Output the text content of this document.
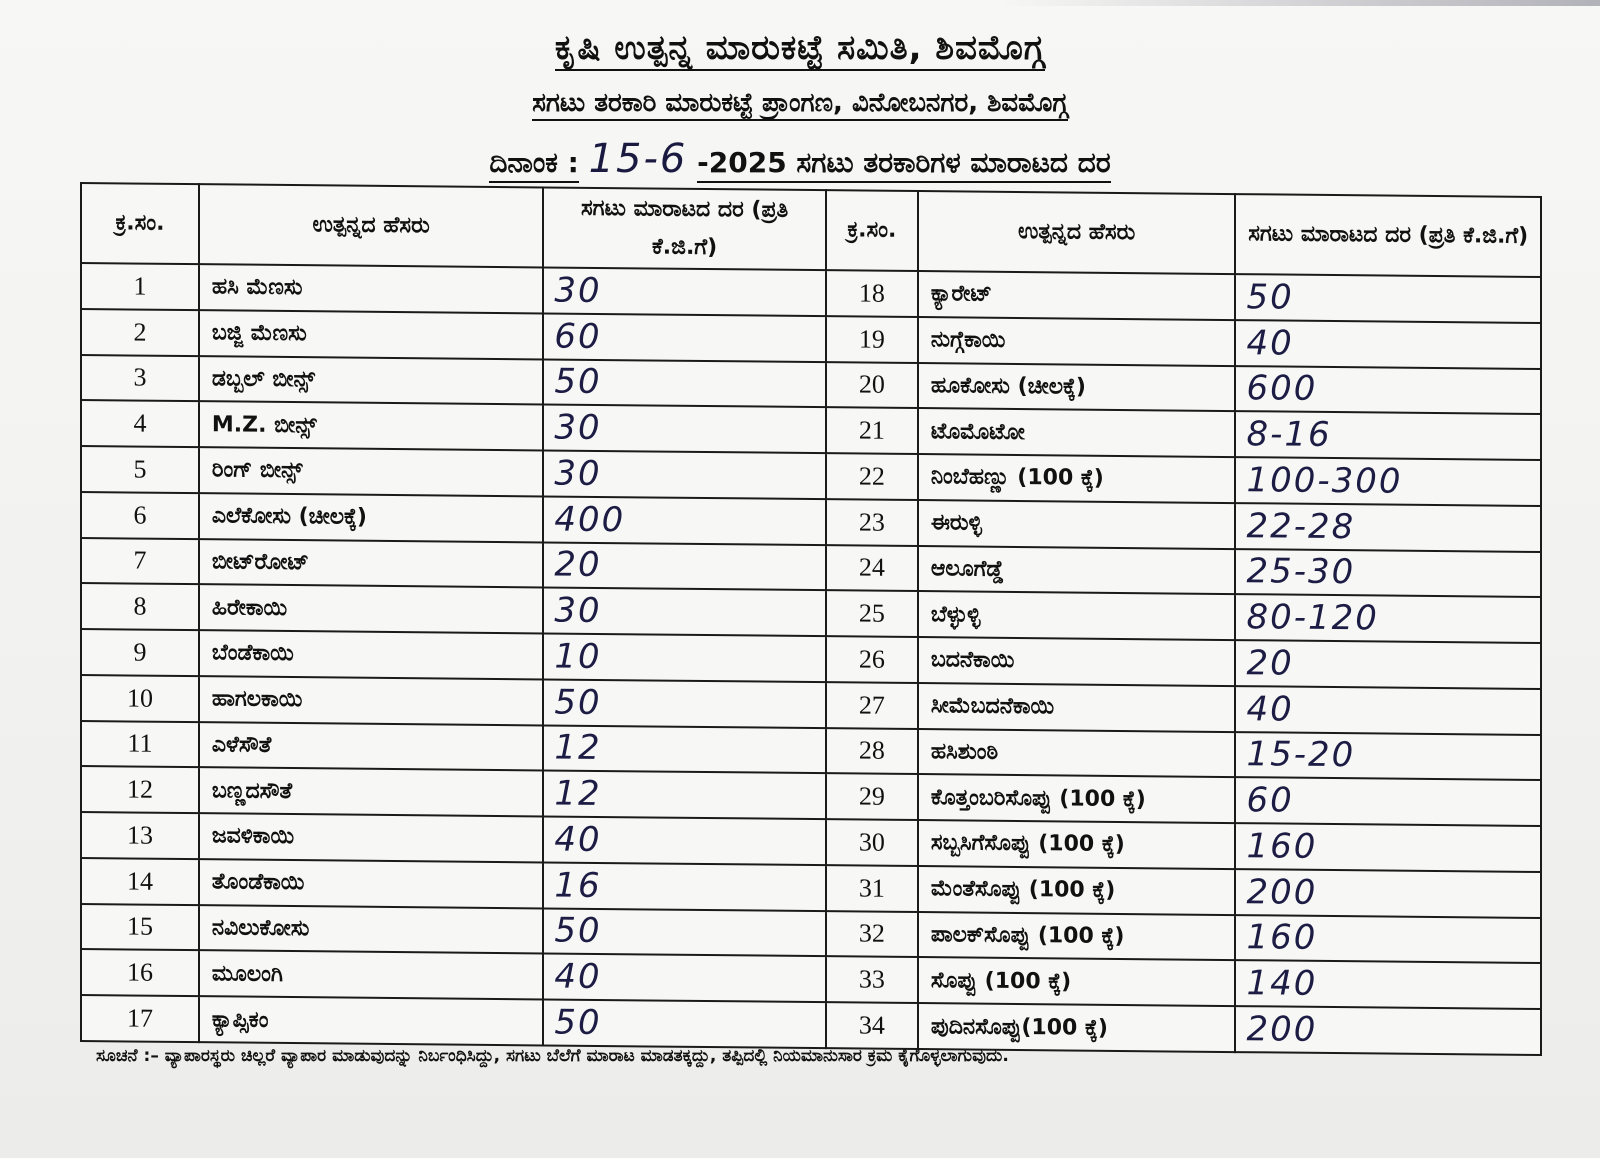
ಕೃಷಿ ಉತ್ಪನ್ನ ಮಾರುಕಟ್ಟೆ ಸಮಿತಿ, ಶಿವಮೊಗ್ಗ
ಸಗಟು ತರಕಾರಿ ಮಾರುಕಟ್ಟೆ ಪ್ರಾಂಗಣ, ವಿನೋಬನಗರ, ಶಿವಮೊಗ್ಗ
ದಿನಾಂಕ : 15-6 -2025 ಸಗಟು ತರಕಾರಿಗಳ ಮಾರಾಟದ ದರ
ಕ್ರ.ಸಂ.	ಉತ್ಪನ್ನದ ಹೆಸರು	ಸಗಟು ಮಾರಾಟದ ದರ (ಪ್ರತಿ ಕೆ.ಜಿ.ಗೆ)	ಕ್ರ.ಸಂ.	ಉತ್ಪನ್ನದ ಹೆಸರು	ಸಗಟು ಮಾರಾಟದ ದರ (ಪ್ರತಿ ಕೆ.ಜಿ.ಗೆ)
1	ಹಸಿ ಮೆಣಸು	30	18	ಕ್ಯಾರೇಟ್	50
2	ಬಜ್ಜಿ ಮೆಣಸು	60	19	ನುಗ್ಗೆಕಾಯಿ	40
3	ಡಬ್ಬಲ್ ಬೀನ್ಸ್	50	20	ಹೂಕೋಸು (ಚೀಲಕ್ಕೆ)	600
4	M.Z. ಬೀನ್ಸ್	30	21	ಟೊಮೊಟೋ	8-16
5	ರಿಂಗ್ ಬೀನ್ಸ್	30	22	ನಿಂಬೆಹಣ್ಣು (100 ಕ್ಕೆ)	100-300
6	ಎಲೆಕೋಸು (ಚೀಲಕ್ಕೆ)	400	23	ಈರುಳ್ಳಿ	22-28
7	ಬೀಟ್‌ರೋಟ್	20	24	ಆಲೂಗೆಡ್ಡೆ	25-30
8	ಹಿರೇಕಾಯಿ	30	25	ಬೆಳ್ಳುಳ್ಳಿ	80-120
9	ಬೆಂಡೆಕಾಯಿ	10	26	ಬದನೆಕಾಯಿ	20
10	ಹಾಗಲಕಾಯಿ	50	27	ಸೀಮೆಬದನೆಕಾಯಿ	40
11	ಎಳೆಸೌತೆ	12	28	ಹಸಿಶುಂಠಿ	15-20
12	ಬಣ್ಣದಸೌತೆ	12	29	ಕೊತ್ತಂಬರಿಸೊಪ್ಪು (100 ಕ್ಕೆ)	60
13	ಜವಳಿಕಾಯಿ	40	30	ಸಬ್ಬಸಿಗೆಸೊಪ್ಪು (100 ಕ್ಕೆ)	160
14	ತೊಂಡೆಕಾಯಿ	16	31	ಮೆಂತೆಸೊಪ್ಪು (100 ಕ್ಕೆ)	200
15	ನವಿಲುಕೋಸು	50	32	ಪಾಲಕ್‌ಸೊಪ್ಪು (100 ಕ್ಕೆ)	160
16	ಮೂಲಂಗಿ	40	33	ಸೊಪ್ಪು (100 ಕ್ಕೆ)	140
17	ಕ್ಯಾಪ್ಸಿಕಂ	50	34	ಪುದಿನಸೊಪ್ಪು(100 ಕ್ಕೆ)	200
ಸೂಚನೆ :– ವ್ಯಾಪಾರಸ್ಥರು ಚಿಲ್ಲರೆ ವ್ಯಾಪಾರ ಮಾಡುವುದನ್ನು ನಿರ್ಬಂಧಿಸಿದ್ದು, ಸಗಟು ಬೆಲೆಗೆ ಮಾರಾಟ ಮಾಡತಕ್ಕದ್ದು, ತಪ್ಪಿದಲ್ಲಿ ನಿಯಮಾನುಸಾರ ಕ್ರಮ ಕೈಗೊಳ್ಳಲಾಗುವುದು.
